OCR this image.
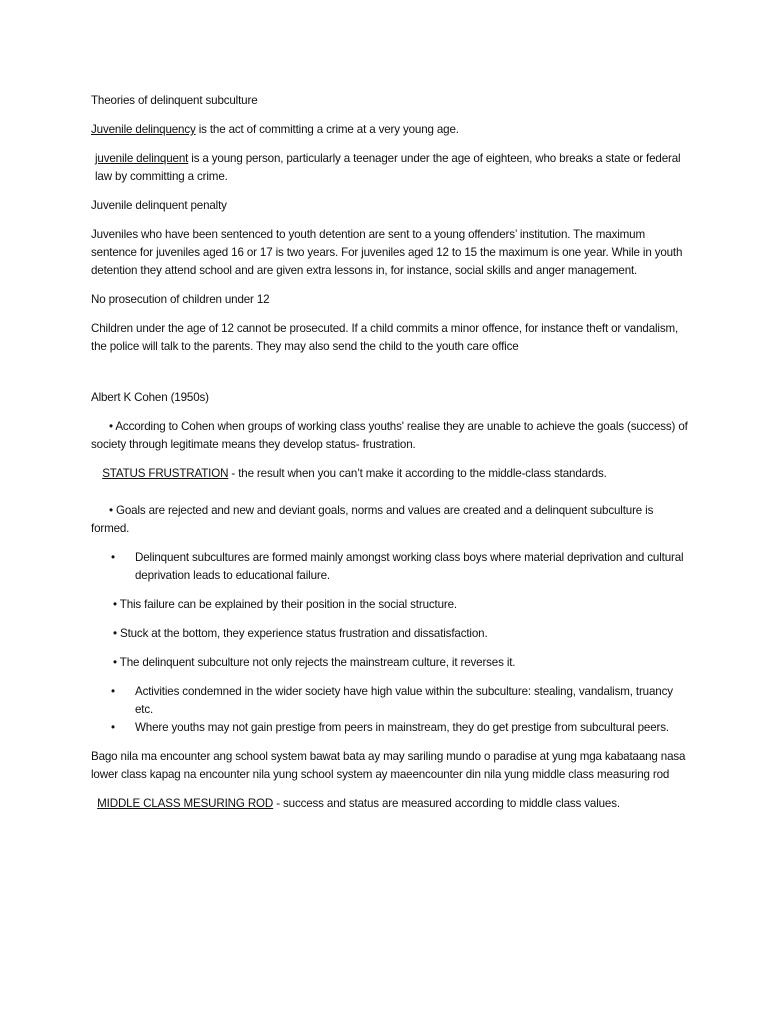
Theories of delinquent subculture

Juvenile delinquency is the act of committing a crime at a very young age.

juvenile delinquent is a young person, particularly a teenager under the age of eighteen, who breaks a state or federal law by committing a crime.

Juvenile delinquent penalty

Juveniles who have been sentenced to youth detention are sent to a young offenders’ institution. The maximum sentence for juveniles aged 16 or 17 is two years. For juveniles aged 12 to 15 the maximum is one year. While in youth detention they attend school and are given extra lessons in, for instance, social skills and anger management.

No prosecution of children under 12

Children under the age of 12 cannot be prosecuted. If a child commits a minor offence, for instance theft or vandalism, the police will talk to the parents. They may also send the child to the youth care office

Albert K Cohen (1950s)

• According to Cohen when groups of working class youths' realise they are unable to achieve the goals (success) of society through legitimate means they develop status- frustration.

STATUS FRUSTRATION - the result when you can’t make it according to the middle-class standards.

• Goals are rejected and new and deviant goals, norms and values are created and a delinquent subculture is formed.

• Delinquent subcultures are formed mainly amongst working class boys where material deprivation and cultural deprivation leads to educational failure.

• This failure can be explained by their position in the social structure.

• Stuck at the bottom, they experience status frustration and dissatisfaction.

• The delinquent subculture not only rejects the mainstream culture, it reverses it.

• Activities condemned in the wider society have high value within the subculture: stealing, vandalism, truancy etc.
• Where youths may not gain prestige from peers in mainstream, they do get prestige from subcultural peers.

Bago nila ma encounter ang school system bawat bata ay may sariling mundo o paradise at yung mga kabataang nasa lower class kapag na encounter nila yung school system ay maeencounter din nila yung middle class measuring rod

MIDDLE CLASS MESURING ROD - success and status are measured according to middle class values.
